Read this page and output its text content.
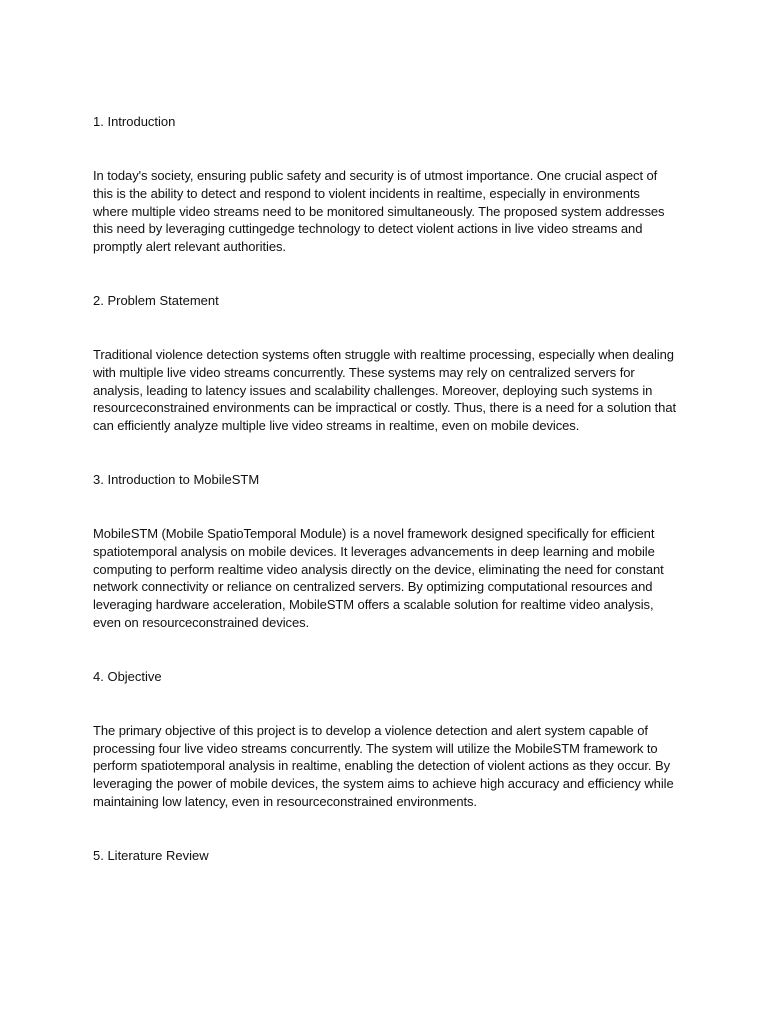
1. Introduction

In today's society, ensuring public safety and security is of utmost importance. One crucial aspect of this is the ability to detect and respond to violent incidents in realtime, especially in environments where multiple video streams need to be monitored simultaneously. The proposed system addresses this need by leveraging cuttingedge technology to detect violent actions in live video streams and promptly alert relevant authorities.

2. Problem Statement

Traditional violence detection systems often struggle with realtime processing, especially when dealing with multiple live video streams concurrently. These systems may rely on centralized servers for analysis, leading to latency issues and scalability challenges. Moreover, deploying such systems in resourceconstrained environments can be impractical or costly. Thus, there is a need for a solution that can efficiently analyze multiple live video streams in realtime, even on mobile devices.

3. Introduction to MobileSTM

MobileSTM (Mobile SpatioTemporal Module) is a novel framework designed specifically for efficient spatiotemporal analysis on mobile devices. It leverages advancements in deep learning and mobile computing to perform realtime video analysis directly on the device, eliminating the need for constant network connectivity or reliance on centralized servers. By optimizing computational resources and leveraging hardware acceleration, MobileSTM offers a scalable solution for realtime video analysis, even on resourceconstrained devices.

4. Objective

The primary objective of this project is to develop a violence detection and alert system capable of processing four live video streams concurrently. The system will utilize the MobileSTM framework to perform spatiotemporal analysis in realtime, enabling the detection of violent actions as they occur. By leveraging the power of mobile devices, the system aims to achieve high accuracy and efficiency while maintaining low latency, even in resourceconstrained environments.

5. Literature Review
